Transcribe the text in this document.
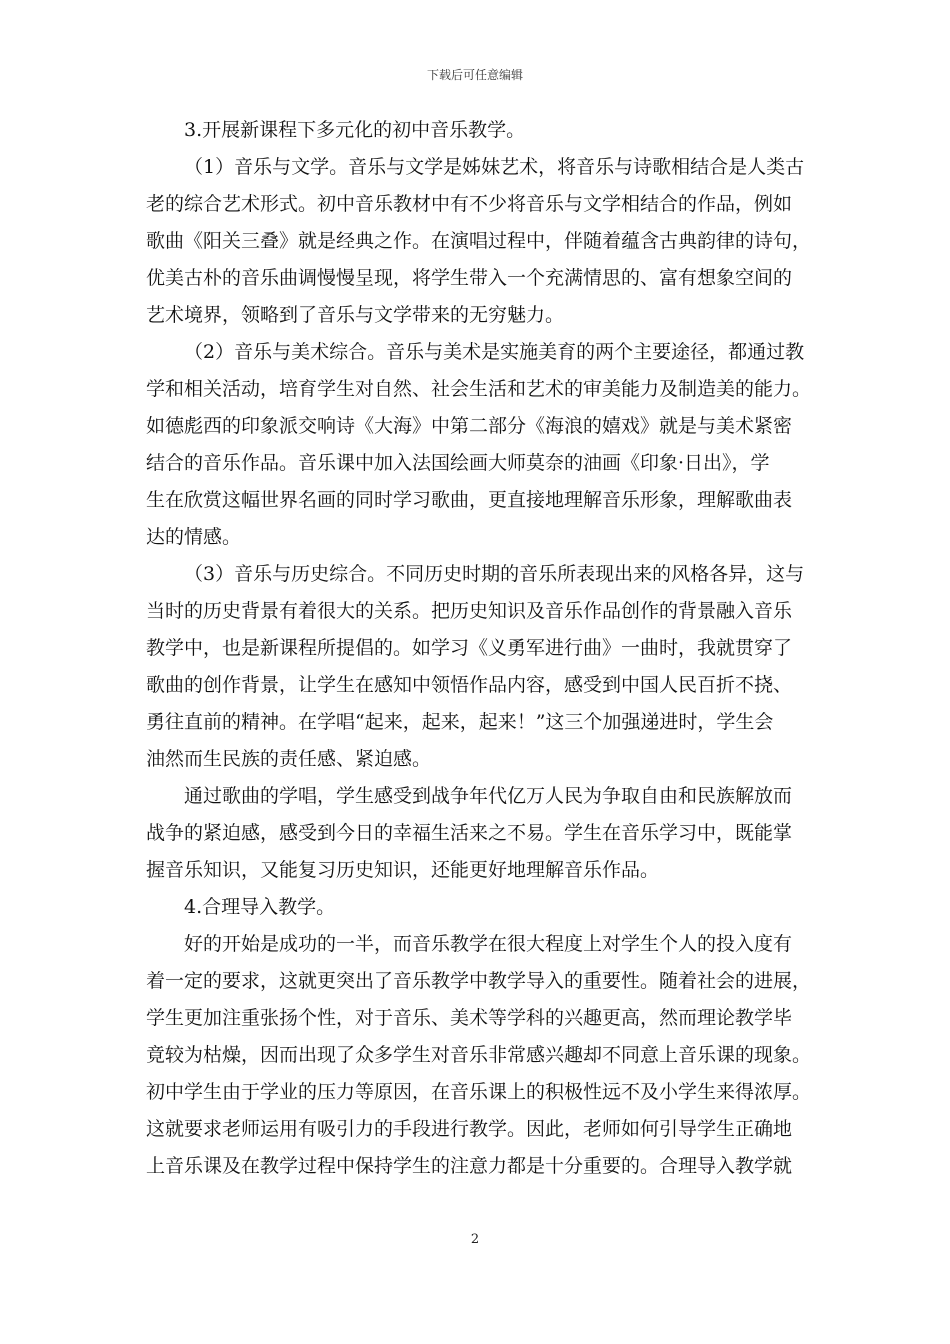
下载后可任意编辑

3.开展新课程下多元化的初中音乐教学。

（1）音乐与文学。音乐与文学是姊妹艺术，将音乐与诗歌相结合是人类古

老的综合艺术形式。初中音乐教材中有不少将音乐与文学相结合的作品，例如

歌曲《阳关三叠》就是经典之作。在演唱过程中，伴随着蕴含古典韵律的诗句，

优美古朴的音乐曲调慢慢呈现，将学生带入一个充满情思的、富有想象空间的

艺术境界，领略到了音乐与文学带来的无穷魅力。

（2）音乐与美术综合。音乐与美术是实施美育的两个主要途径，都通过教

学和相关活动，培育学生对自然、社会生活和艺术的审美能力及制造美的能力。

如德彪西的印象派交响诗《大海》中第二部分《海浪的嬉戏》就是与美术紧密

结合的音乐作品。音乐课中加入法国绘画大师莫奈的油画《印象·日出》，学

生在欣赏这幅世界名画的同时学习歌曲，更直接地理解音乐形象，理解歌曲表

达的情感。

（3）音乐与历史综合。不同历史时期的音乐所表现出来的风格各异，这与

当时的历史背景有着很大的关系。把历史知识及音乐作品创作的背景融入音乐

教学中，也是新课程所提倡的。如学习《义勇军进行曲》一曲时，我就贯穿了

歌曲的创作背景，让学生在感知中领悟作品内容，感受到中国人民百折不挠、

勇往直前的精神。在学唱“起来，起来，起来！”这三个加强递进时，学生会

油然而生民族的责任感、紧迫感。

通过歌曲的学唱，学生感受到战争年代亿万人民为争取自由和民族解放而

战争的紧迫感，感受到今日的幸福生活来之不易。学生在音乐学习中，既能掌

握音乐知识，又能复习历史知识，还能更好地理解音乐作品。

4.合理导入教学。

好的开始是成功的一半，而音乐教学在很大程度上对学生个人的投入度有

着一定的要求，这就更突出了音乐教学中教学导入的重要性。随着社会的进展，

学生更加注重张扬个性，对于音乐、美术等学科的兴趣更高，然而理论教学毕

竟较为枯燥，因而出现了众多学生对音乐非常感兴趣却不同意上音乐课的现象。

初中学生由于学业的压力等原因，在音乐课上的积极性远不及小学生来得浓厚。

这就要求老师运用有吸引力的手段进行教学。因此，老师如何引导学生正确地

上音乐课及在教学过程中保持学生的注意力都是十分重要的。合理导入教学就

2
